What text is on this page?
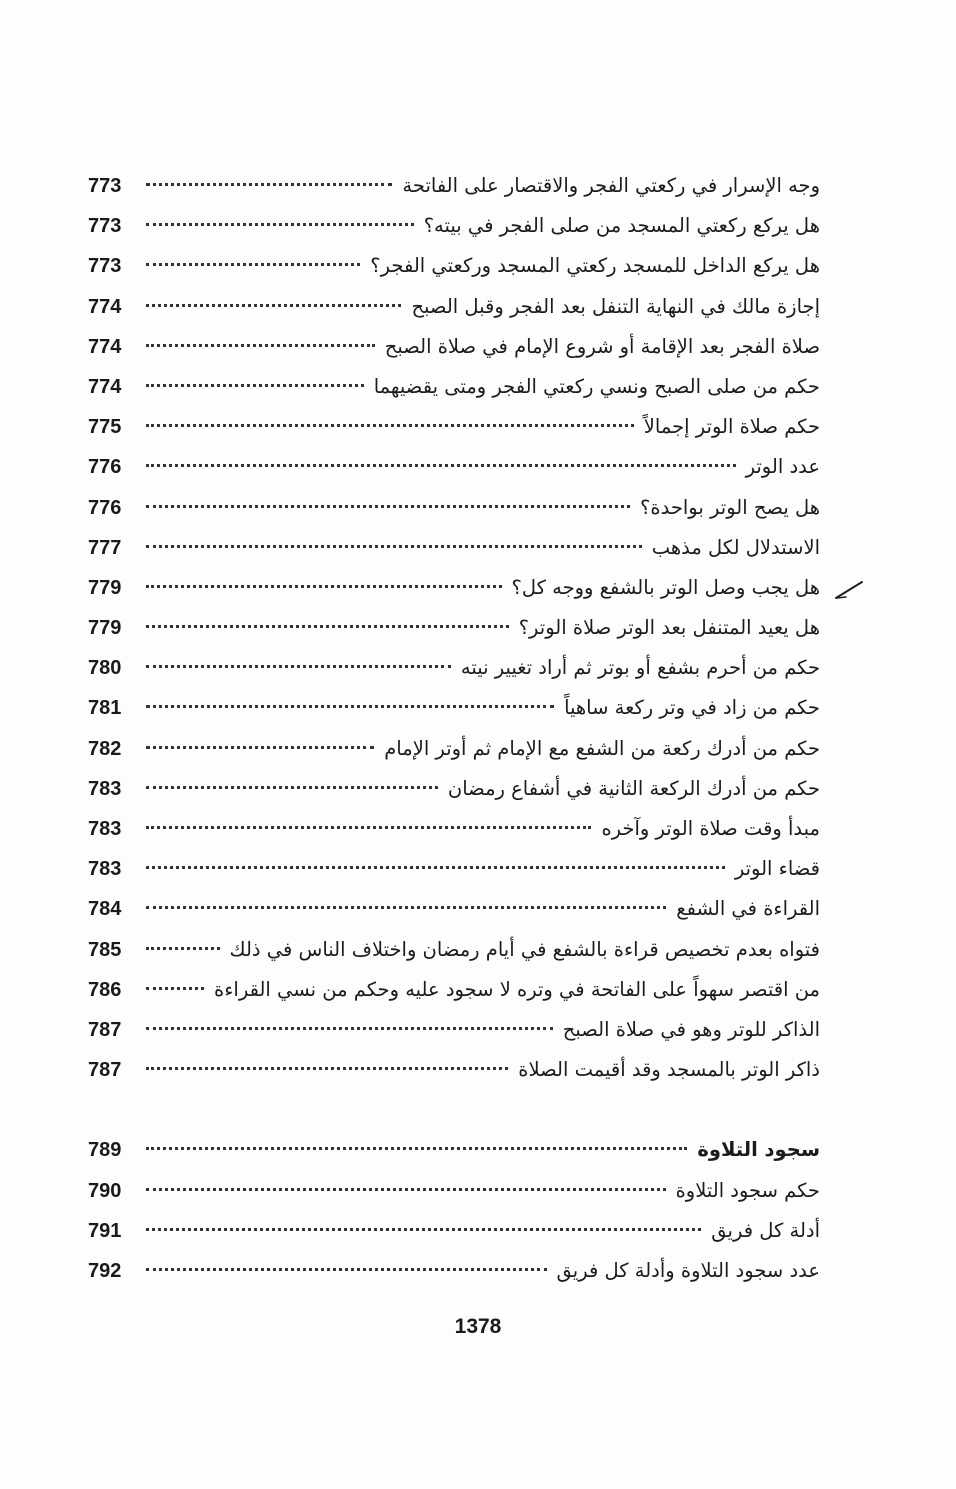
وجه الإسرار في ركعتي الفجر والاقتصار على الفاتحة
773
هل يركع ركعتي المسجد من صلى الفجر في بيته؟
773
هل يركع الداخل للمسجد ركعتي المسجد وركعتي الفجر؟
773
إجازة مالك في النهاية التنفل بعد الفجر وقبل الصبح
774
صلاة الفجر بعد الإقامة أو شروع الإمام في صلاة الصبح
774
حكم من صلى الصبح ونسي ركعتي الفجر ومتى يقضيهما
774
حكم صلاة الوتر إجمالاً
775
عدد الوتر
776
هل يصح الوتر بواحدة؟
776
الاستدلال لكل مذهب
777
هل يجب وصل الوتر بالشفع ووجه كل؟
779
هل يعيد المتنفل بعد الوتر صلاة الوتر؟
779
حكم من أحرم بشفع أو بوتر ثم أراد تغيير نيته
780
حكم من زاد في وتر ركعة ساهياً
781
حكم من أدرك ركعة من الشفع مع الإمام ثم أوتر الإمام
782
حكم من أدرك الركعة الثانية في أشفاع رمضان
783
مبدأ وقت صلاة الوتر وآخره
783
قضاء الوتر
783
القراءة في الشفع
784
فتواه بعدم تخصيص قراءة بالشفع في أيام رمضان واختلاف الناس في ذلك
785
من اقتصر سهواً على الفاتحة في وتره لا سجود عليه وحكم من نسي القراءة
786
الذاكر للوتر وهو في صلاة الصبح
787
ذاكر الوتر بالمسجد وقد أقيمت الصلاة
787
سجود التلاوة
789
حكم سجود التلاوة
790
أدلة كل فريق
791
عدد سجود التلاوة وأدلة كل فريق
792
1378
